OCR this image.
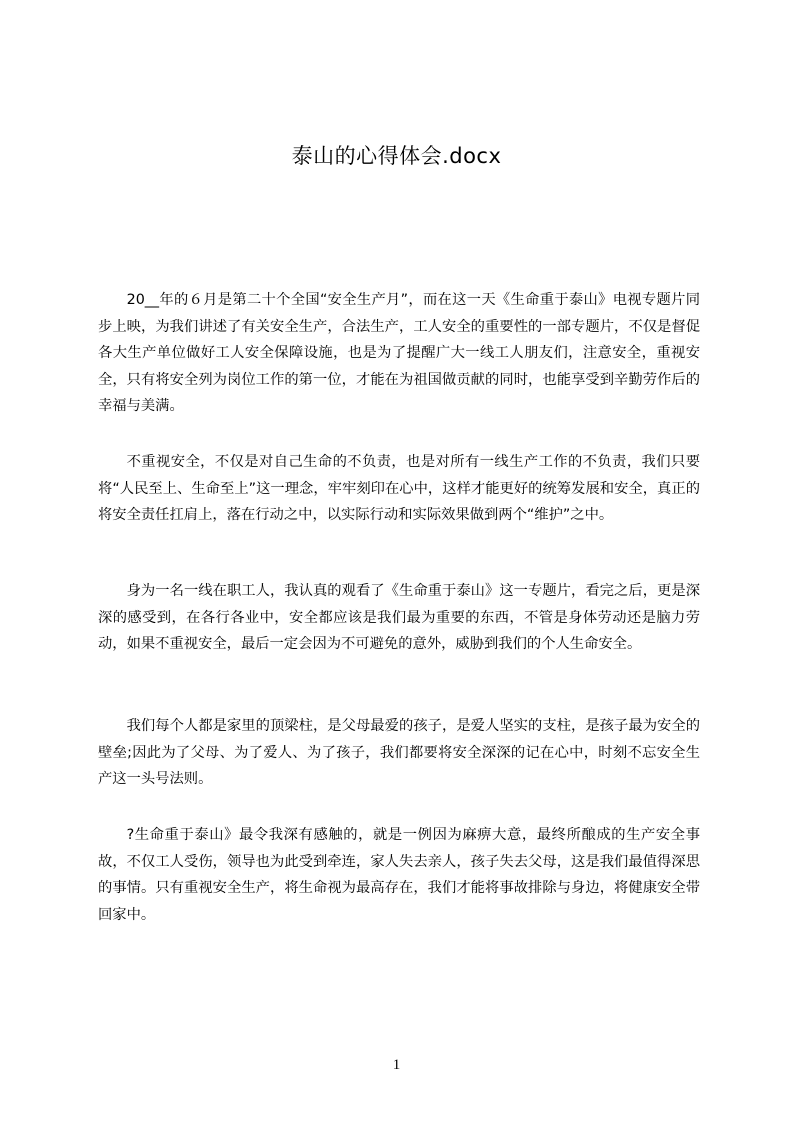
泰山的心得体会.docx

20__年的６月是第二十个全国“安全生产月”，而在这一天《生命重于泰山》电视专题片同步上映，为我们讲述了有关安全生产，合法生产，工人安全的重要性的一部专题片，不仅是督促各大生产单位做好工人安全保障设施，也是为了提醒广大一线工人朋友们，注意安全，重视安全，只有将安全列为岗位工作的第一位，才能在为祖国做贡献的同时，也能享受到辛勤劳作后的幸福与美满。

不重视安全，不仅是对自己生命的不负责，也是对所有一线生产工作的不负责，我们只要将“人民至上、生命至上”这一理念，牢牢刻印在心中，这样才能更好的统筹发展和安全，真正的将安全责任扛肩上，落在行动之中，以实际行动和实际效果做到两个“维护”之中。

身为一名一线在职工人，我认真的观看了《生命重于泰山》这一专题片，看完之后，更是深深的感受到，在各行各业中，安全都应该是我们最为重要的东西，不管是身体劳动还是脑力劳动，如果不重视安全，最后一定会因为不可避免的意外，威胁到我们的个人生命安全。

我们每个人都是家里的顶梁柱，是父母最爱的孩子，是爱人坚实的支柱，是孩子最为安全的壁垒;因此为了父母、为了爱人、为了孩子，我们都要将安全深深的记在心中，时刻不忘安全生产这一头号法则。

?生命重于泰山》最令我深有感触的，就是一例因为麻痹大意，最终所酿成的生产安全事故，不仅工人受伤，领导也为此受到牵连，家人失去亲人，孩子失去父母，这是我们最值得深思的事情。只有重视安全生产，将生命视为最高存在，我们才能将事故排除与身边，将健康安全带回家中。

1
